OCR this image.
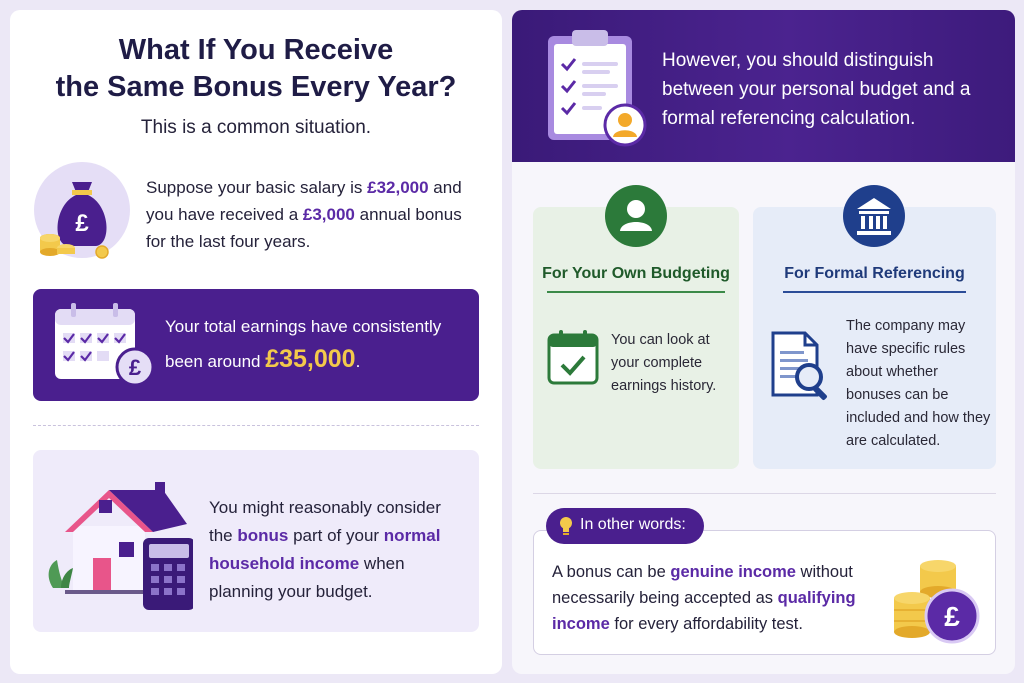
What If You Receive
the Same Bonus Every Year?
This is a common situation.
£
Suppose your basic salary is £32,000 and you have received a £3,000 annual bonus for the last four years.
£
Your total earnings have consistently been around £35,000.
You might reasonably consider the bonus part of your normal household income when planning your budget.
However, you should distinguish between your personal budget and a formal referencing calculation.
For Your Own Budgeting
You can look at your complete earnings history.
For Formal Referencing
The company may have specific rules about whether bonuses can be included and how they are calculated.
In other words:
A bonus can be genuine income without necessarily being accepted as qualifying income for every affordability test.	£
